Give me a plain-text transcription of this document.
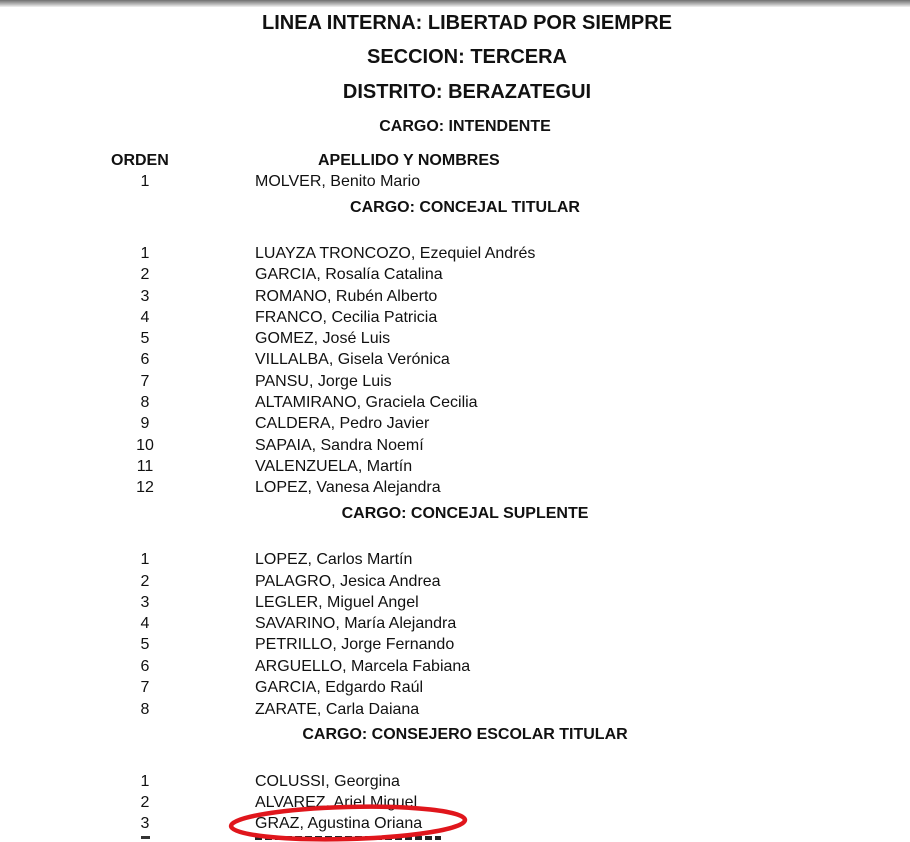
LINEA INTERNA: LIBERTAD POR SIEMPRE
SECCION: TERCERA
DISTRITO: BERAZATEGUI
CARGO: INTENDENTE
ORDEN	APELLIDO Y NOMBRES
1	MOLVER, Benito Mario
CARGO: CONCEJAL TITULAR
1	LUAYZA TRONCOZO, Ezequiel Andrés
2	GARCIA, Rosalía Catalina
3	ROMANO, Rubén Alberto
4	FRANCO, Cecilia Patricia
5	GOMEZ, José Luis
6	VILLALBA, Gisela Verónica
7	PANSU, Jorge Luis
8	ALTAMIRANO, Graciela Cecilia
9	CALDERA, Pedro Javier
10	SAPAIA, Sandra Noemí
11	VALENZUELA, Martín
12	LOPEZ, Vanesa Alejandra
CARGO: CONCEJAL SUPLENTE
1	LOPEZ, Carlos Martín
2	PALAGRO, Jesica Andrea
3	LEGLER, Miguel Angel
4	SAVARINO, María Alejandra
5	PETRILLO, Jorge Fernando
6	ARGUELLO, Marcela Fabiana
7	GARCIA, Edgardo Raúl
8	ZARATE, Carla Daiana
CARGO: CONSEJERO ESCOLAR TITULAR
1	COLUSSI, Georgina
2	ALVAREZ, Ariel Miguel
3	GRAZ, Agustina Oriana
